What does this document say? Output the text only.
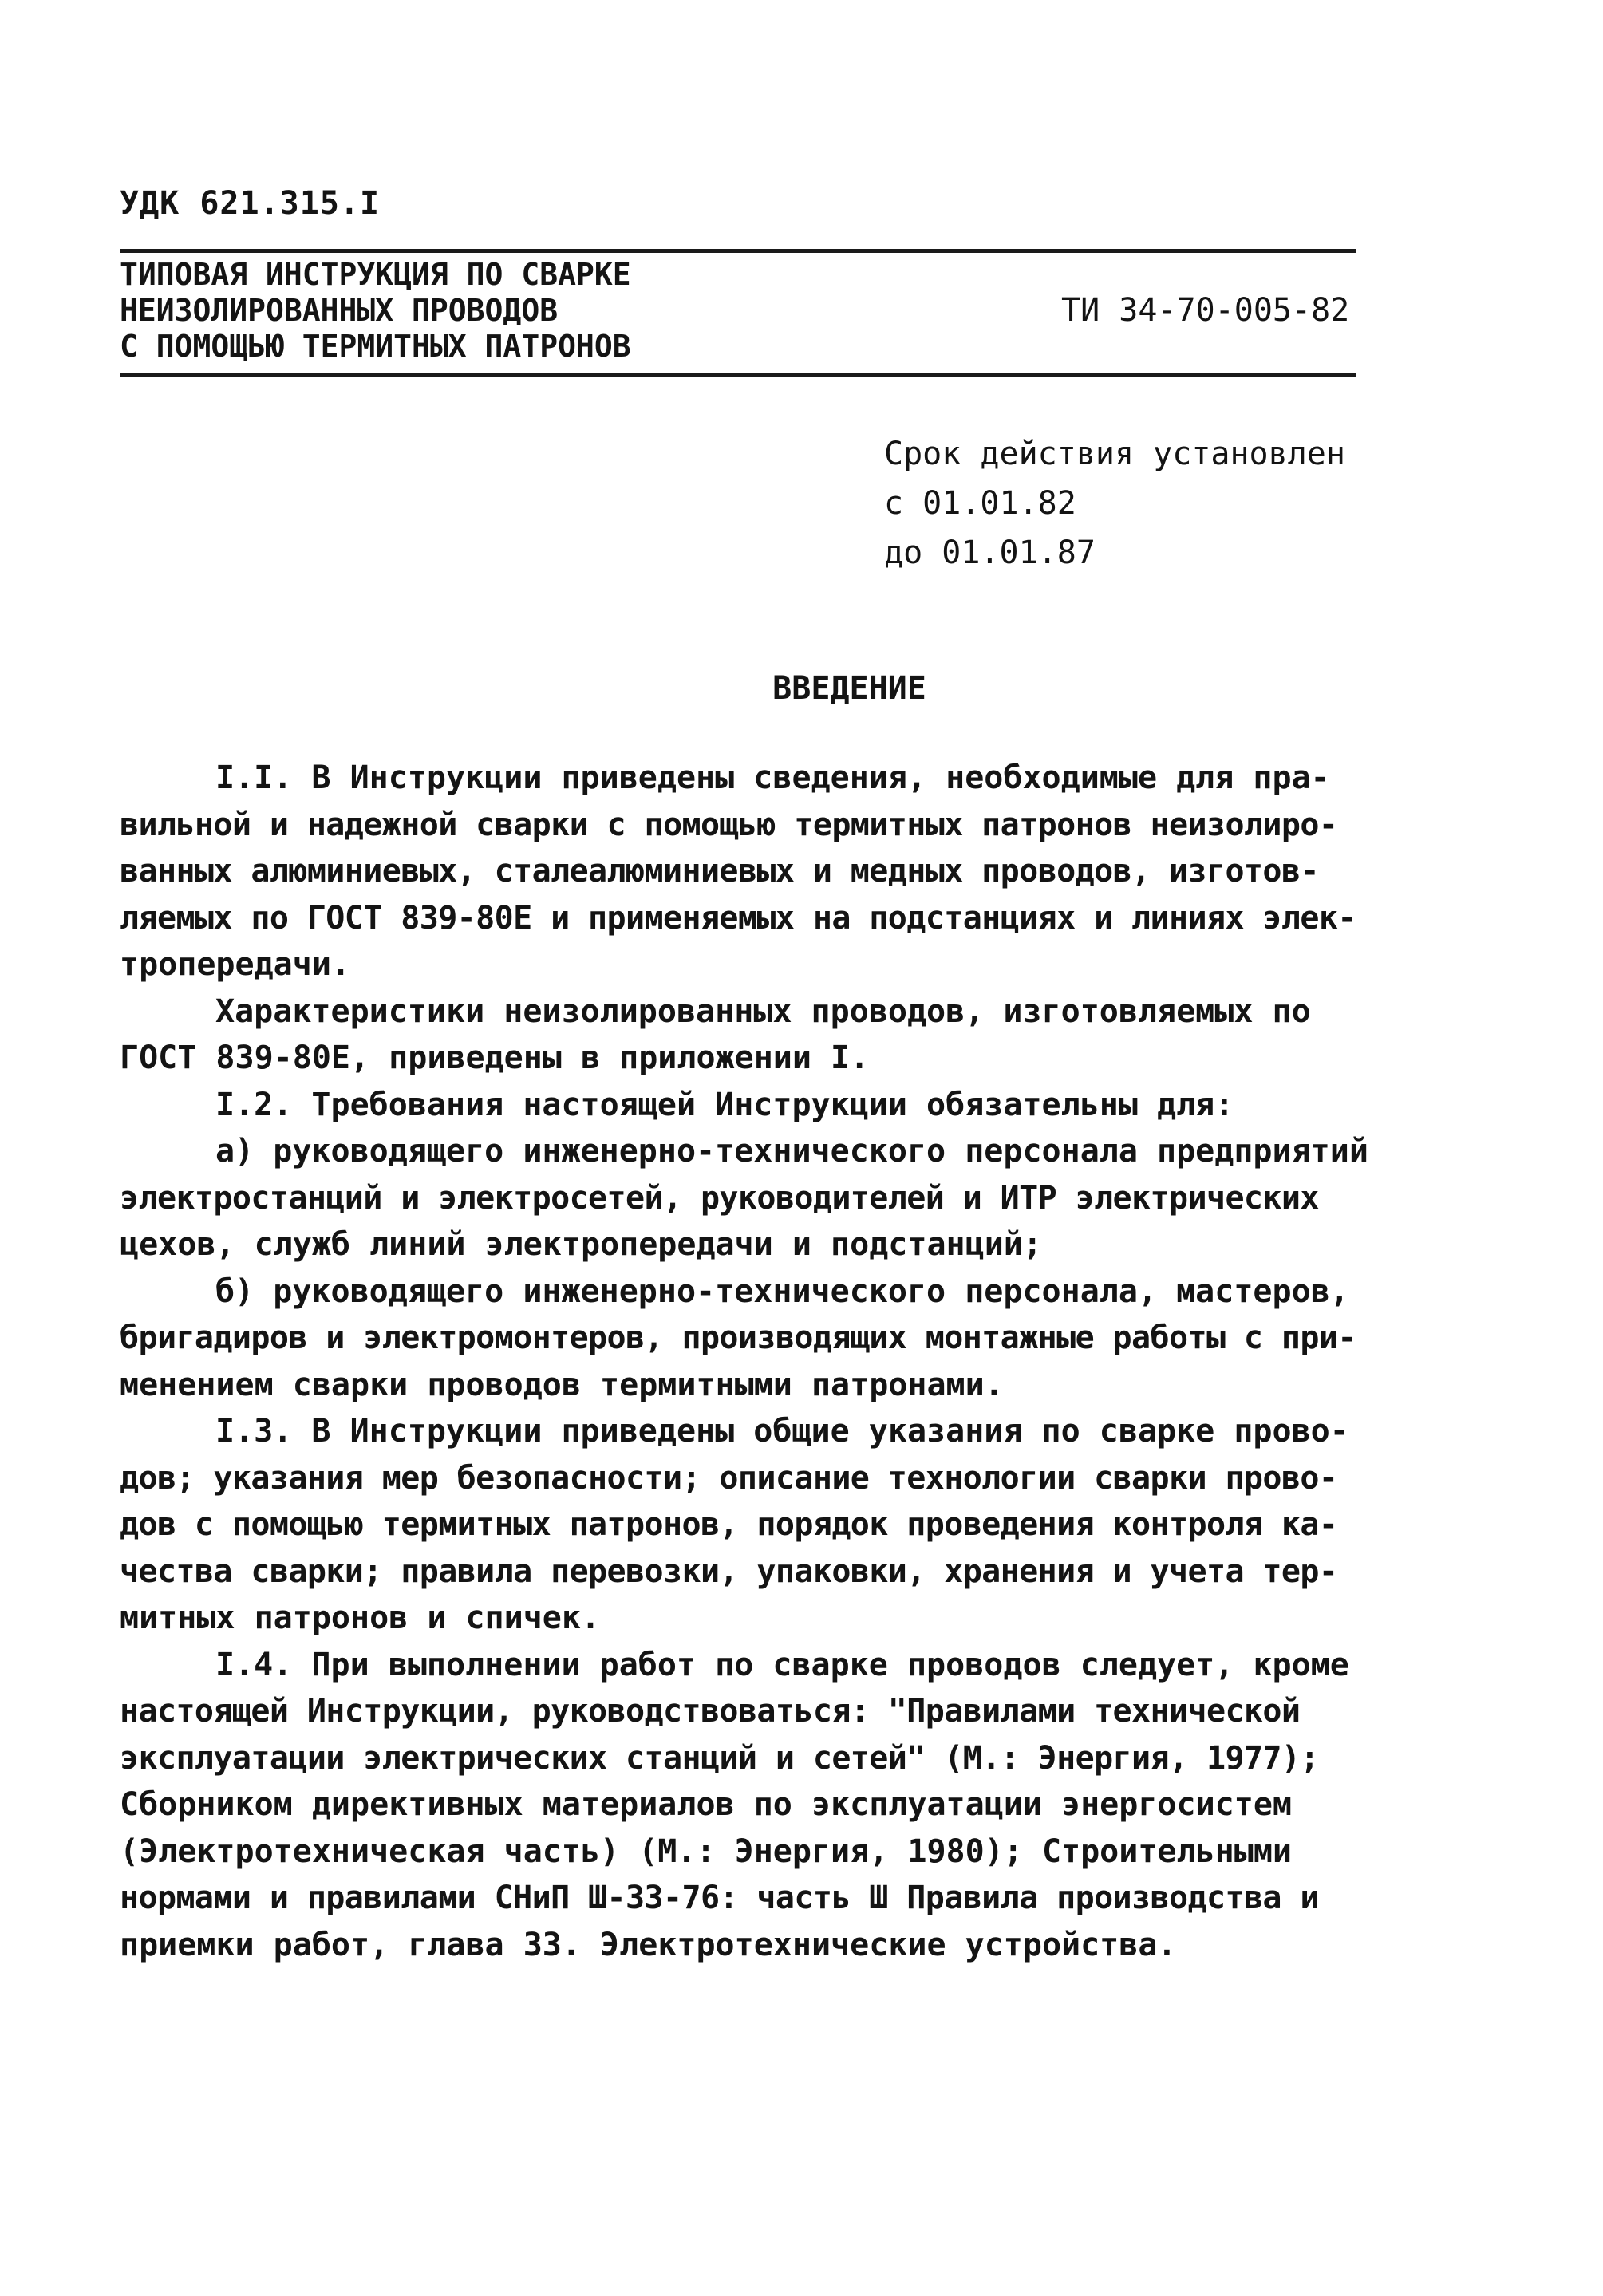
УДК 621.315.I
ТИПОВАЯ ИНСТРУКЦИЯ ПО СВАРКЕ
НЕИЗОЛИРОВАННЫХ ПРОВОДОВ
С ПОМОЩЬЮ ТЕРМИТНЫХ ПАТРОНОВ
ТИ 34-70-005-82
Срок действия установлен
с 01.01.82
до 01.01.87
ВВЕДЕНИЕ
I.I. В Инструкции приведены сведения, необходимые для пра-
вильной и надежной сварки с помощью термитных патронов неизолиро-
ванных алюминиевых, сталеалюминиевых и медных проводов, изготов-
ляемых по ГОСТ 839-80Е и применяемых на подстанциях и линиях элек-
тропередачи.
Характеристики неизолированных проводов, изготовляемых по
ГОСТ 839-80Е, приведены в приложении I.
I.2. Требования настоящей Инструкции обязательны для:
а) руководящего инженерно-технического персонала предприятий
электростанций и электросетей, руководителей и ИТР электрических
цехов, служб линий электропередачи и подстанций;
б) руководящего инженерно-технического персонала, мастеров,
бригадиров и электромонтеров, производящих монтажные работы с при-
менением сварки проводов термитными патронами.
I.3. В Инструкции приведены общие указания по сварке прово-
дов; указания мер безопасности; описание технологии сварки прово-
дов с помощью термитных патронов, порядок проведения контроля ка-
чества сварки; правила перевозки, упаковки, хранения и учета тер-
митных патронов и спичек.
I.4. При выполнении работ по сварке проводов следует, кроме
настоящей Инструкции, руководствоваться: "Правилами технической
эксплуатации электрических станций и сетей" (М.: Энергия, 1977);
Сборником директивных материалов по эксплуатации энергосистем
(Электротехническая часть) (М.: Энергия, 1980); Строительными
нормами и правилами СНиП Ш-33-76: часть Ш Правила производства и
приемки работ, глава 33. Электротехнические устройства.
